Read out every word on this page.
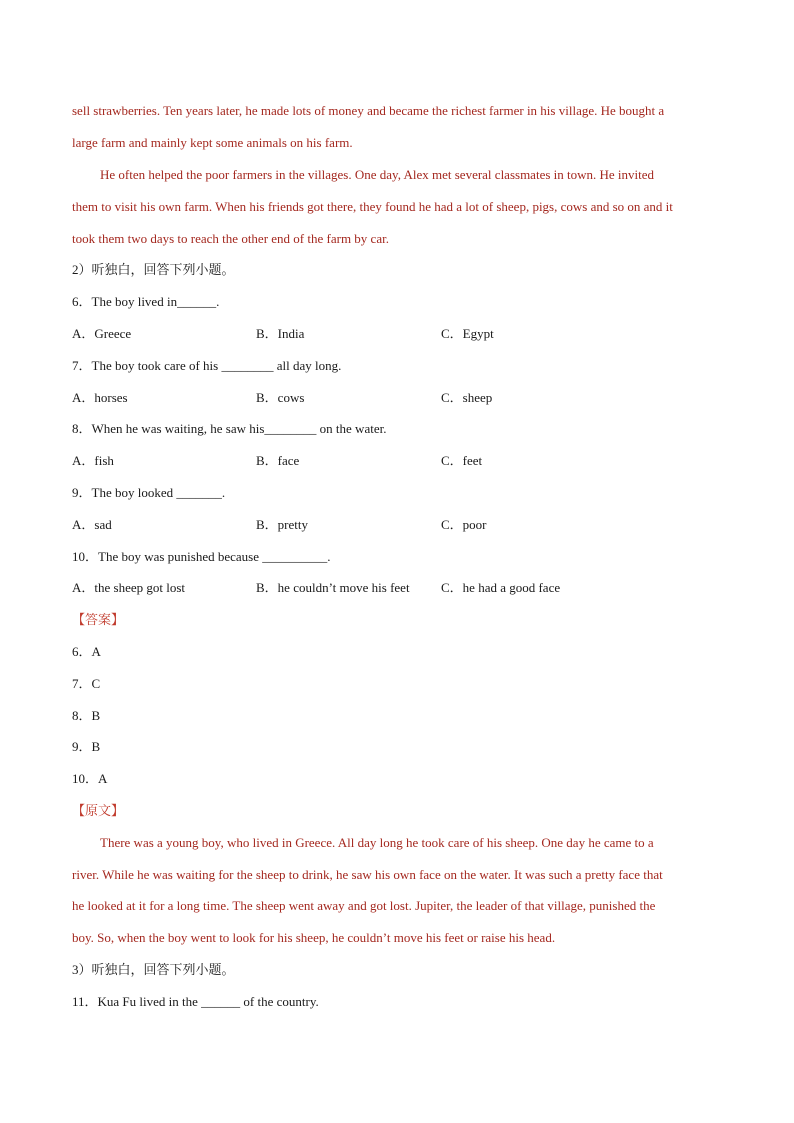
sell strawberries. Ten years later, he made lots of money and became the richest farmer in his village. He bought a
large farm and mainly kept some animals on his farm.
He often helped the poor farmers in the villages. One day, Alex met several classmates in town. He invited
them to visit his own farm. When his friends got there, they found he had a lot of sheep, pigs, cows and so on and it
took them two days to reach the other end of the farm by car.
2）听独白，回答下列小题。
6．The boy lived in______.
A．Greece	B．India	C．Egypt
7．The boy took care of his ________ all day long.
A．horses	B．cows	C．sheep
8．When he was waiting, he saw his________ on the water.
A．fish	B．face	C．feet
9．The boy looked _______.
A．sad	B．pretty	C．poor
10．The boy was punished because __________.
A．the sheep got lost	B．he couldn’t move his feet C．he had a good face
【答案】
6．A
7．C
8．B
9．B
10．A
【原文】
There was a young boy, who lived in Greece. All day long he took care of his sheep. One day he came to a
river. While he was waiting for the sheep to drink, he saw his own face on the water. It was such a pretty face that
he looked at it for a long time. The sheep went away and got lost. Jupiter, the leader of that village, punished the
boy. So, when the boy went to look for his sheep, he couldn’t move his feet or raise his head.
3）听独白，回答下列小题。
11．Kua Fu lived in the ______ of the country.
